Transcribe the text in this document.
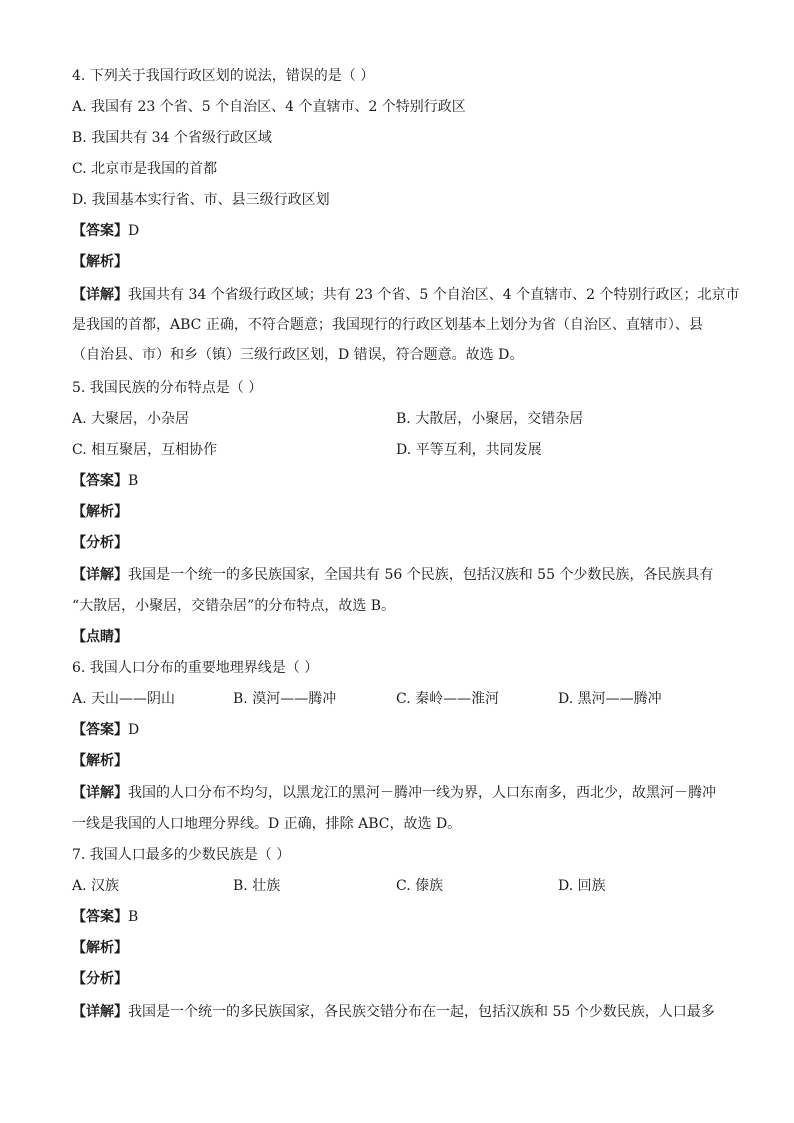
4. 下列关于我国行政区划的说法，错误的是（ ）
A. 我国有 23 个省、5 个自治区、4 个直辖市、2 个特别行政区
B. 我国共有 34 个省级行政区域
C. 北京市是我国的首都
D. 我国基本实行省、市、县三级行政区划
【答案】D
【解析】
【详解】我国共有 34 个省级行政区域；共有 23 个省、5 个自治区、4 个直辖市、2 个特别行政区；北京市
是我国的首都，ABC 正确，不符合题意；我国现行的行政区划基本上划分为省（自治区、直辖市）、县
（自治县、市）和乡（镇）三级行政区划，D 错误，符合题意。故选 D。
5. 我国民族的分布特点是（ ）
A. 大聚居，小杂居	B. 大散居，小聚居，交错杂居
C. 相互聚居，互相协作	D. 平等互利，共同发展
【答案】B
【解析】
【分析】
【详解】我国是一个统一的多民族国家，全国共有 56 个民族，包括汉族和 55 个少数民族，各民族具有
“大散居，小聚居，交错杂居”的分布特点，故选 B。
【点睛】
6. 我国人口分布的重要地理界线是（ ）
A. 天山——阴山	B. 漠河——腾冲	C. 秦岭——淮河	D. 黑河——腾冲
【答案】D
【解析】
【详解】我国的人口分布不均匀，以黑龙江的黑河－腾冲一线为界，人口东南多，西北少，故黑河－腾冲
一线是我国的人口地理分界线。D 正确，排除 ABC，故选 D。
7. 我国人口最多的少数民族是（ ）
A. 汉族	B. 壮族	C. 傣族	D. 回族
【答案】B
【解析】
【分析】
【详解】我国是一个统一的多民族国家，各民族交错分布在一起，包括汉族和 55 个少数民族，人口最多
